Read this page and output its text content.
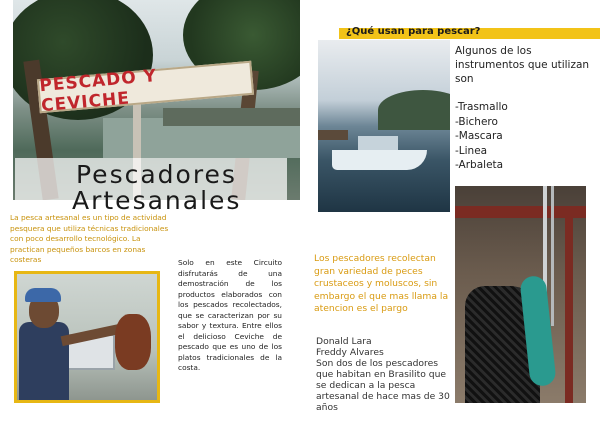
PESCADO Y CEVICHE
Pescadores
Artesanales

La pesca artesanal es un tipo de actividad pesquera que utiliza técnicas tradicionales con poco desarrollo tecnológico. La practican pequeños barcos en zonas costeras	Solo en este Circuito disfrutarás de una demostración de los productos elaborados con los pescados recolectados, que se caracterizan por su sabor y textura. Entre ellos el delicioso Ceviche de pescado que es uno de los platos tradicionales de la costa.

¿Qué usan para pescar?

Algunos de los instrumentos que utilizan son

-Trasmallo
-Bichero
-Mascara
-Linea
-Arbaleta

Los pescadores recolectan gran variedad de peces crustaceos y moluscos, sin embargo el que mas llama la atencion es el pargo

Donald Lara
Freddy Alvares
Son dos de los pescadores que habitan en Brasilito que se dedican a la pesca artesanal de hace mas de 30 años
